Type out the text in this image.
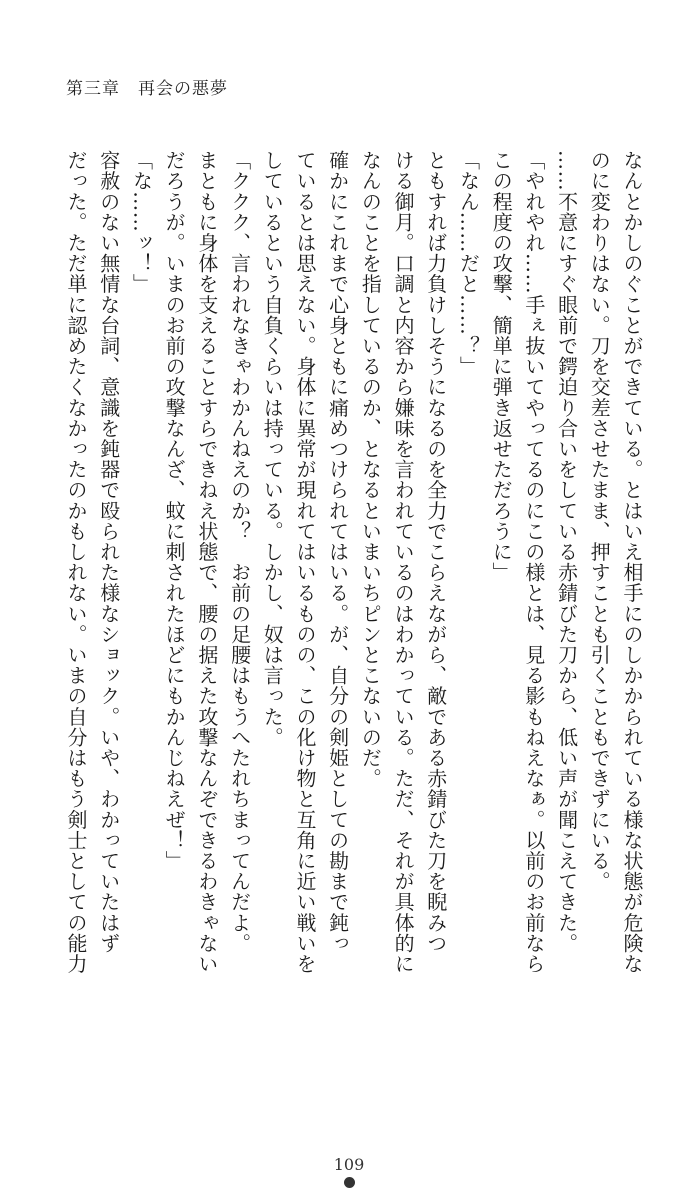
第三章　再会の悪夢

なんとかしのぐことができている。とはいえ相手にのしかかられている様な状態が危険な

のに変わりはない。刀を交差させたまま、押すことも引くこともできずにいる。

……不意にすぐ眼前で鍔迫り合いをしている赤錆びた刀から、低い声が聞こえてきた。

「やれやれ……手ぇ抜いてやってるのにこの様とは、見る影もねえなぁ。以前のお前なら

この程度の攻撃、簡単に弾き返せただろうに」

「なん……だと……？」

ともすれば力負けしそうになるのを全力でこらえながら、敵である赤錆びた刀を睨みつ

ける御月。口調と内容から嫌味を言われているのはわかっている。ただ、それが具体的に

なんのことを指しているのか、となるといまいちピンとこないのだ。

確かにこれまで心身ともに痛めつけられてはいる。が、自分の剣姫としての勘まで鈍っ

ているとは思えない。身体に異常が現れてはいるものの、この化け物と互角に近い戦いを

しているという自負くらいは持っている。しかし、奴は言った。

「ククク、言われなきゃわかんねえのか？　お前の足腰はもうへたれちまってんだよ。

まともに身体を支えることすらできねえ状態で、腰の据えた攻撃なんぞできるわきゃない

だろうが。いまのお前の攻撃なんざ、蚊に刺されたほどにもかんじねえぜ！」

「な……ッ！」

容赦のない無情な台詞、意識を鈍器で殴られた様なショック。いや、わかっていたはず

だった。ただ単に認めたくなかったのかもしれない。いまの自分はもう剣士としての能力

109
